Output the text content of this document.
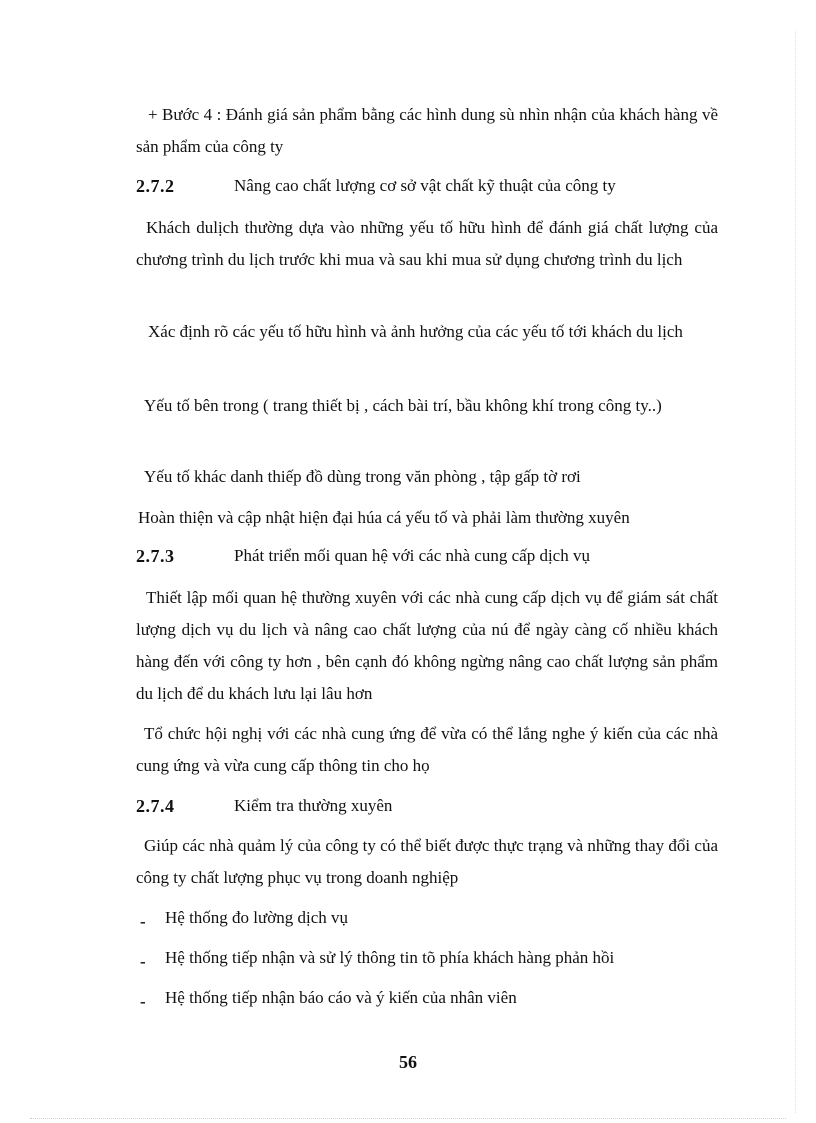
+ Bước 4 : Đánh giá sản phẩm bằng các hình dung sù nhìn nhận của khách hàng về sản phẩm của công ty

2.7.2	Nâng cao chất lượng cơ sở vật chất kỹ thuật của công ty

Khách dulịch thường dựa vào những yếu tố hữu hình để đánh giá chất lượng của chương trình du lịch trước khi mua và sau khi mua sử dụng chương trình du lịch

Xác định rõ các yếu tố hữu hình và ảnh hưởng của các yếu tố tới khách du lịch

Yếu tố bên trong ( trang thiết bị , cách bài trí, bầu không khí trong công ty..)

Yếu tố khác danh thiếp đồ dùng trong văn phòng , tập gấp tờ rơi

Hoàn thiện và cập nhật hiện đại húa cá yếu tố và phải làm thường xuyên

2.7.3	Phát triển mối quan hệ với các nhà cung cấp dịch vụ

Thiết lập mối quan hệ thường xuyên với các nhà cung cấp dịch vụ để giám sát chất lượng dịch vụ du lịch và nâng cao chất lượng của nú để ngày càng cố nhiều khách hàng đến với công ty hơn , bên cạnh đó không ngừng nâng cao chất lượng sản phẩm du lịch để du khách lưu lại lâu hơn

Tổ chức hội nghị với các nhà cung ứng để vừa có thể lắng nghe ý kiến của các nhà cung ứng và vừa cung cấp thông tin cho họ

2.7.4	Kiểm tra thường xuyên

Giúp các nhà quảm lý của công ty có thể biết được thực trạng và những thay đổi của công ty chất lượng phục vụ trong doanh nghiệp

- Hệ thống đo lường dịch vụ
- Hệ thống tiếp nhận và sử lý thông tin tõ phía khách hàng phản hồi
- Hệ thống tiếp nhận báo cáo và ý kiến của nhân viên
56
